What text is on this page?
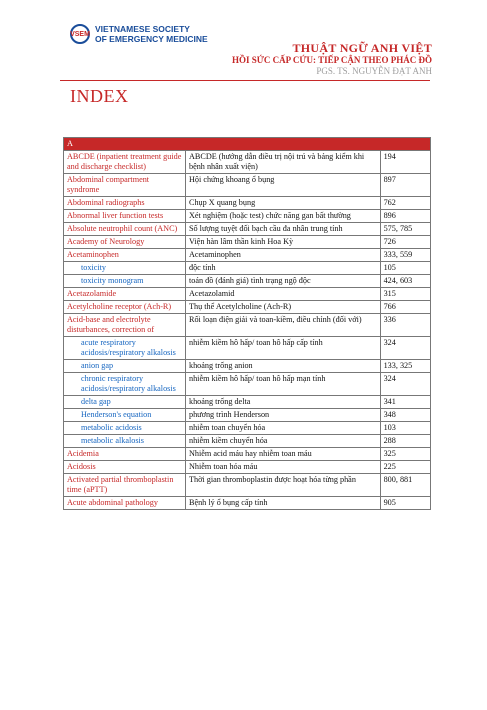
VSEM VIETNAMESE SOCIETY
OF EMERGENCY MEDICINE
THUẬT NGỮ ANH VIỆT
HỒI SỨC CẤP CỨU: TIẾP CẬN THEO PHÁC ĐỒ
PGS. TS. NGUYỄN ĐẠT ANH
INDEX
A		
ABCDE (inpatient treatment guide and discharge checklist)	ABCDE (hướng dẫn điều trị nội trú và bảng kiểm khi bệnh nhân xuất viện)	194
Abdominal compartment syndrome	Hội chứng khoang ổ bụng	897
Abdominal radiographs	Chụp X quang bụng	762
Abnormal liver function tests	Xét nghiệm (hoặc test) chức năng gan bất thường	896
Absolute neutrophil count (ANC)	Số lượng tuyệt đối bạch cầu đa nhân trung tính	575, 785
Academy of Neurology	Viện hàn lâm thần kinh Hoa Kỳ	726
Acetaminophen	Acetaminophen	333, 559
toxicity	độc tính	105
toxicity monogram	toán đồ (đánh giá) tình trạng ngộ độc	424, 603
Acetazolamide	Acetazolamid	315
Acetylcholine receptor (Ach-R)	Thụ thể Acetylcholine (Ach-R)	766
Acid-base and electrolyte disturbances, correction of	Rối loạn điện giải và toan-kiềm, điều chỉnh (đối với)	336
acute respiratory acidosis/respiratory alkalosis	nhiễm kiềm hô hấp/ toan hô hấp cấp tính	324
anion gap	khoảng trống anion	133, 325
chronic respiratory acidosis/respiratory alkalosis	nhiễm kiềm hô hấp/ toan hô hấp mạn tính	324
delta gap	khoảng trống delta	341
Henderson's equation	phương trình Henderson	348
metabolic acidosis	nhiễm toan chuyển hóa	103
metabolic alkalosis	nhiễm kiềm chuyển hóa	288
Acidemia	Nhiễm acid máu hay nhiễm toan máu	325
Acidosis	Nhiễm toan hóa máu	225
Activated partial thromboplastin time (aPTT)	Thời gian thromboplastin được hoạt hóa từng phần	800, 881
Acute abdominal pathology	Bệnh lý ổ bụng cấp tính	905
